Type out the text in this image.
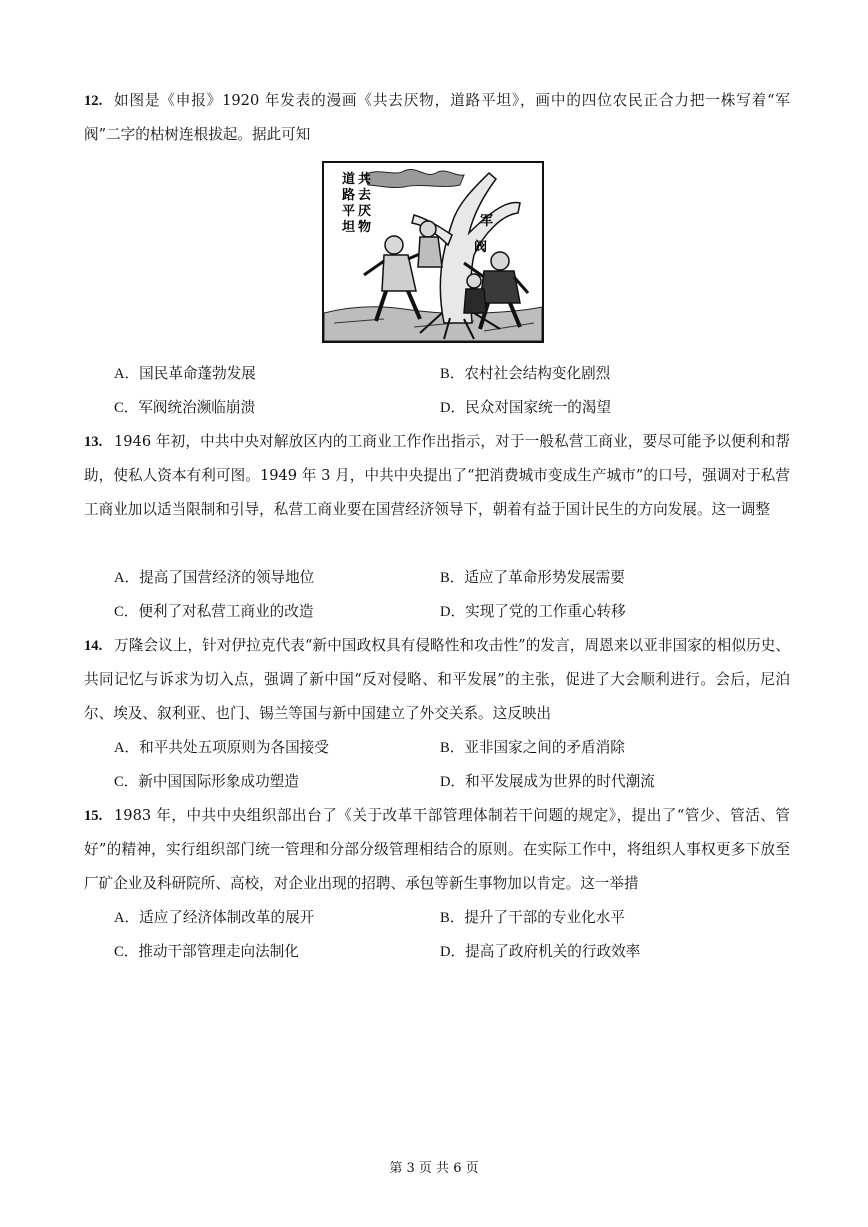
12. 如图是《申报》1920 年发表的漫画《共去厌物，道路平坦》，画中的四位农民正合力把一株写着“军阀”二字的枯树连根拔起。据此可知
共
去
厌
物
道
路
平
坦	军
阀
A．国民革命蓬勃发展	B．农村社会结构变化剧烈
C．军阀统治濒临崩溃	D．民众对国家统一的渴望
13. 1946 年初，中共中央对解放区内的工商业工作作出指示，对于一般私营工商业，要尽可能予以便利和帮助，使私人资本有利可图。1949 年 3 月，中共中央提出了“把消费城市变成生产城市”的口号，强调对于私营工商业加以适当限制和引导，私营工商业要在国营经济领导下，朝着有益于国计民生的方向发展。这一调整
A．提高了国营经济的领导地位	B．适应了革命形势发展需要
C．便利了对私营工商业的改造	D．实现了党的工作重心转移
14. 万隆会议上，针对伊拉克代表“新中国政权具有侵略性和攻击性”的发言，周恩来以亚非国家的相似历史、共同记忆与诉求为切入点，强调了新中国“反对侵略、和平发展”的主张，促进了大会顺利进行。会后，尼泊尔、埃及、叙利亚、也门、锡兰等国与新中国建立了外交关系。这反映出
A．和平共处五项原则为各国接受	B．亚非国家之间的矛盾消除
C．新中国国际形象成功塑造	D．和平发展成为世界的时代潮流
15. 1983 年，中共中央组织部出台了《关于改革干部管理体制若干问题的规定》，提出了“管少、管活、管好”的精神，实行组织部门统一管理和分部分级管理相结合的原则。在实际工作中，将组织人事权更多下放至厂矿企业及科研院所、高校，对企业出现的招聘、承包等新生事物加以肯定。这一举措
A．适应了经济体制改革的展开	B．提升了干部的专业化水平
C．推动干部管理走向法制化	D．提高了政府机关的行政效率
第 3 页 共 6 页
